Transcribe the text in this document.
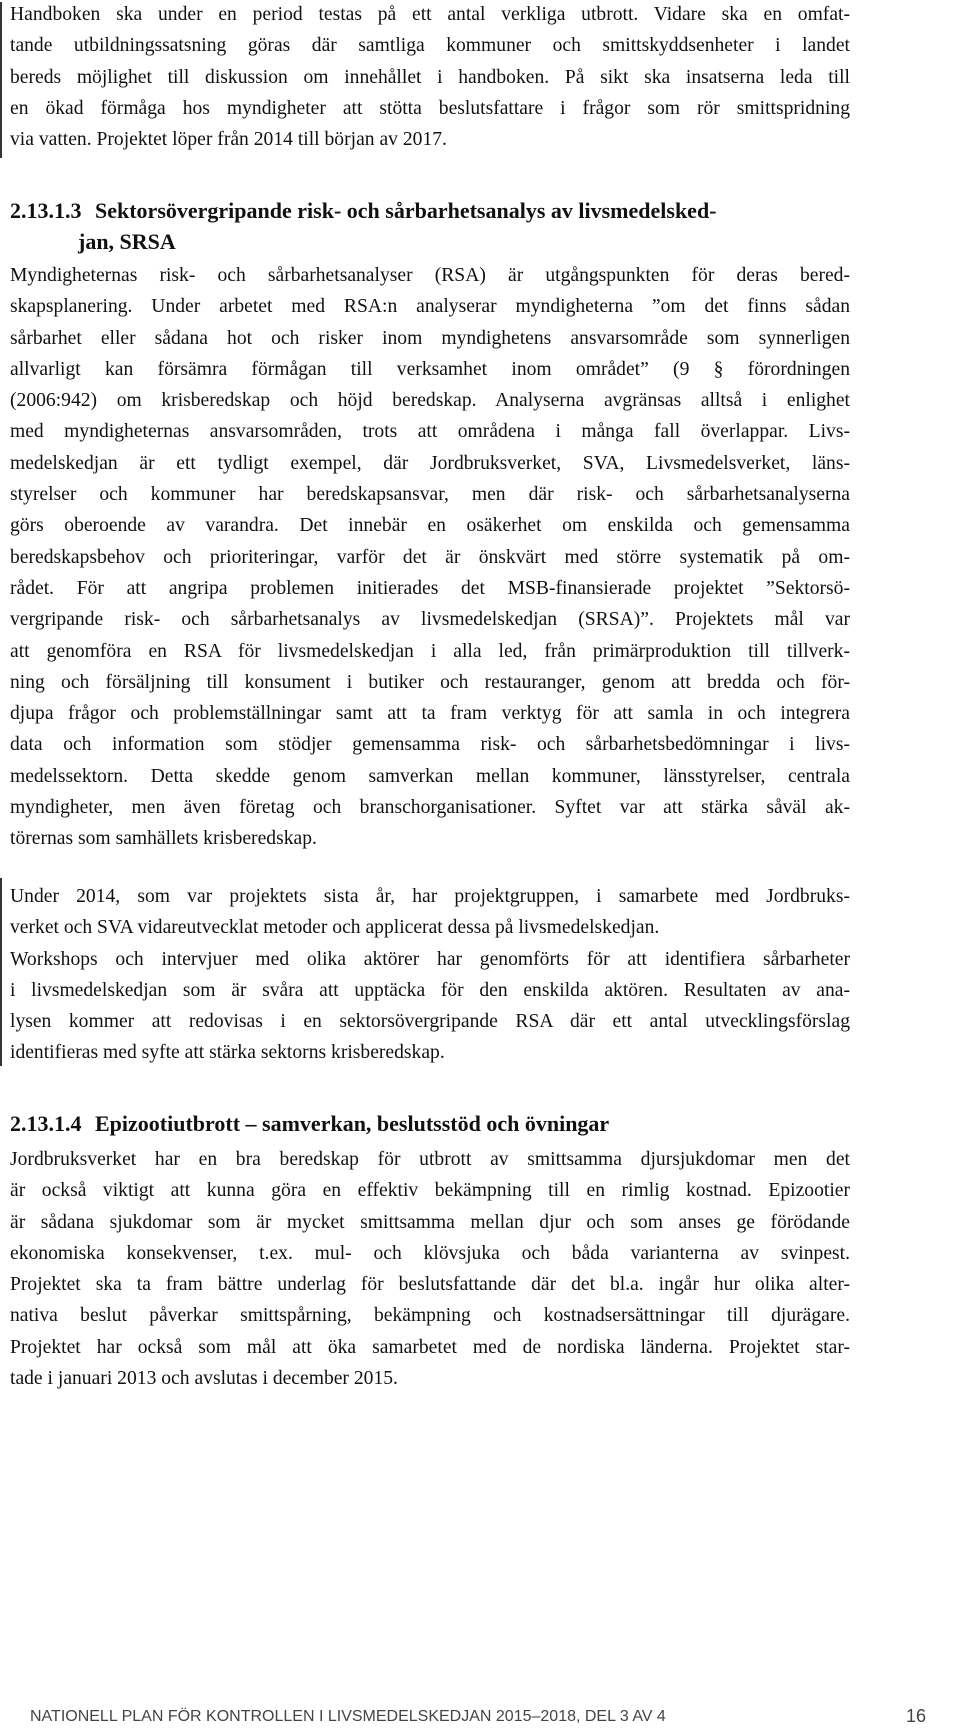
Handboken ska under en period testas på ett antal verkliga utbrott. Vidare ska en omfat-
tande utbildningssatsning göras där samtliga kommuner och smittskyddsenheter i landet
bereds möjlighet till diskussion om innehållet i handboken. På sikt ska insatserna leda till
en ökad förmåga hos myndigheter att stötta beslutsfattare i frågor som rör smittspridning
via vatten. Projektet löper från 2014 till början av 2017.
2.13.1.3 Sektorsövergripande risk- och sårbarhetsanalys av livsmedelsked-
jan, SRSA
Myndigheternas risk- och sårbarhetsanalyser (RSA) är utgångspunkten för deras bered-
skapsplanering. Under arbetet med RSA:n analyserar myndigheterna ”om det finns sådan
sårbarhet eller sådana hot och risker inom myndighetens ansvarsområde som synnerligen
allvarligt kan försämra förmågan till verksamhet inom området” (9 § förordningen
(2006:942) om krisberedskap och höjd beredskap. Analyserna avgränsas alltså i enlighet
med myndigheternas ansvarsområden, trots att områdena i många fall överlappar. Livs-
medelskedjan är ett tydligt exempel, där Jordbruksverket, SVA, Livsmedelsverket, läns-
styrelser och kommuner har beredskapsansvar, men där risk- och sårbarhetsanalyserna
görs oberoende av varandra. Det innebär en osäkerhet om enskilda och gemensamma
beredskapsbehov och prioriteringar, varför det är önskvärt med större systematik på om-
rådet. För att angripa problemen initierades det MSB-finansierade projektet ”Sektorsö-
vergripande risk- och sårbarhetsanalys av livsmedelskedjan (SRSA)”. Projektets mål var
att genomföra en RSA för livsmedelskedjan i alla led, från primärproduktion till tillverk-
ning och försäljning till konsument i butiker och restauranger, genom att bredda och för-
djupa frågor och problemställningar samt att ta fram verktyg för att samla in och integrera
data och information som stödjer gemensamma risk- och sårbarhetsbedömningar i livs-
medelssektorn. Detta skedde genom samverkan mellan kommuner, länsstyrelser, centrala
myndigheter, men även företag och branschorganisationer. Syftet var att stärka såväl ak-
törernas som samhällets krisberedskap.
Under 2014, som var projektets sista år, har projektgruppen, i samarbete med Jordbruks-
verket och SVA vidareutvecklat metoder och applicerat dessa på livsmedelskedjan.
Workshops och intervjuer med olika aktörer har genomförts för att identifiera sårbarheter
i livsmedelskedjan som är svåra att upptäcka för den enskilda aktören. Resultaten av ana-
lysen kommer att redovisas i en sektorsövergripande RSA där ett antal utvecklingsförslag
identifieras med syfte att stärka sektorns krisberedskap.
2.13.1.4 Epizootiutbrott – samverkan, beslutsstöd och övningar
Jordbruksverket har en bra beredskap för utbrott av smittsamma djursjukdomar men det
är också viktigt att kunna göra en effektiv bekämpning till en rimlig kostnad. Epizootier
är sådana sjukdomar som är mycket smittsamma mellan djur och som anses ge förödande
ekonomiska konsekvenser, t.ex. mul- och klövsjuka och båda varianterna av svinpest.
Projektet ska ta fram bättre underlag för beslutsfattande där det bl.a. ingår hur olika alter-
nativa beslut påverkar smittspårning, bekämpning och kostnadsersättningar till djurägare.
Projektet har också som mål att öka samarbetet med de nordiska länderna. Projektet star-
tade i januari 2013 och avslutas i december 2015.
NATIONELL PLAN FÖR KONTROLLEN I LIVSMEDELSKEDJAN 2015–2018, DEL 3 AV 4	16
